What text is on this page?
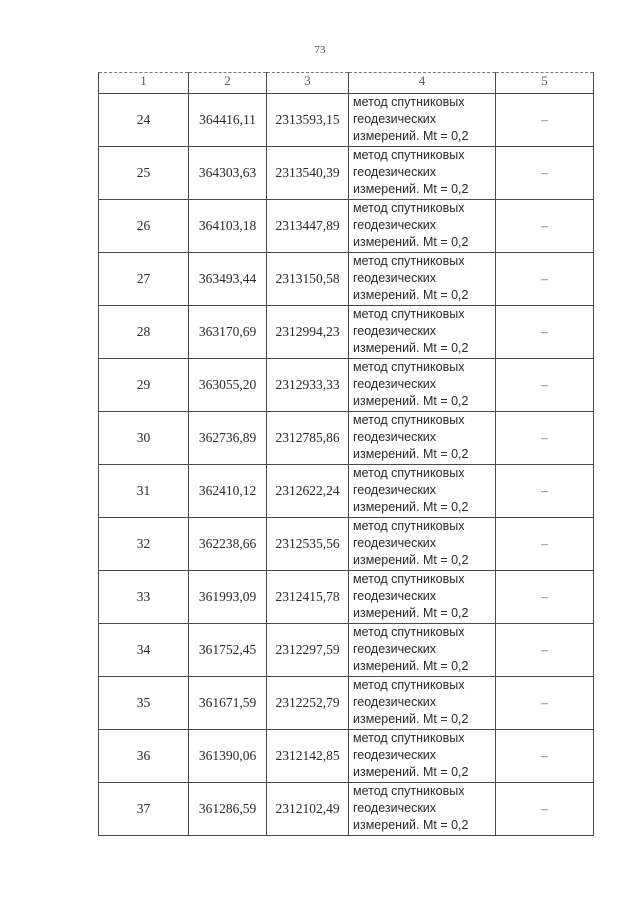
73
1	2	3	4	5
24	364416,11	2313593,15	метод спутниковых
геодезических
измерений. Mt = 0,2	–
25	364303,63	2313540,39	метод спутниковых
геодезических
измерений. Mt = 0,2	–
26	364103,18	2313447,89	метод спутниковых
геодезических
измерений. Mt = 0,2	–
27	363493,44	2313150,58	метод спутниковых
геодезических
измерений. Mt = 0,2	–
28	363170,69	2312994,23	метод спутниковых
геодезических
измерений. Mt = 0,2	–
29	363055,20	2312933,33	метод спутниковых
геодезических
измерений. Mt = 0,2	–
30	362736,89	2312785,86	метод спутниковых
геодезических
измерений. Mt = 0,2	–
31	362410,12	2312622,24	метод спутниковых
геодезических
измерений. Mt = 0,2	–
32	362238,66	2312535,56	метод спутниковых
геодезических
измерений. Mt = 0,2	–
33	361993,09	2312415,78	метод спутниковых
геодезических
измерений. Mt = 0,2	–
34	361752,45	2312297,59	метод спутниковых
геодезических
измерений. Mt = 0,2	–
35	361671,59	2312252,79	метод спутниковых
геодезических
измерений. Mt = 0,2	–
36	361390,06	2312142,85	метод спутниковых
геодезических
измерений. Mt = 0,2	–
37	361286,59	2312102,49	метод спутниковых
геодезических
измерений. Mt = 0,2	–
